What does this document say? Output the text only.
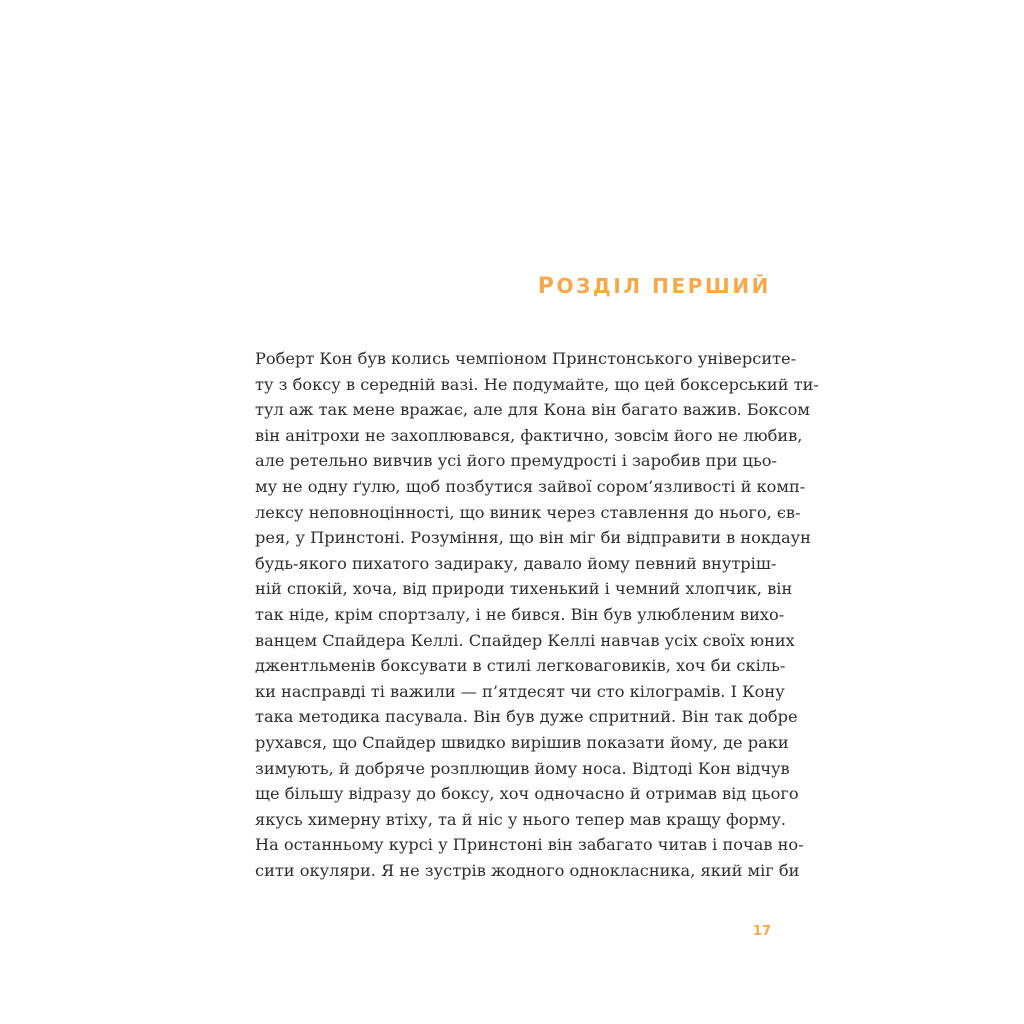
РОЗДІЛ ПЕРШИЙ
Роберт Кон був колись чемпіоном Принстонського університе-
ту з боксу в середній вазі. Не подумайте, що цей боксерський ти-
тул аж так мене вражає, але для Кона він багато важив. Боксом
він анітрохи не захоплювався, фактично, зовсім його не любив,
але ретельно вивчив усі його премудрості і заробив при цьо-
му не одну ґулю, щоб позбутися зайвої сором’язливості й комп-
лексу неповноцінності, що виник через ставлення до нього, єв-
рея, у Принстоні. Розуміння, що він міг би відправити в нокдаун
будь-якого пихатого задираку, давало йому певний внутріш-
ній спокій, хоча, від природи тихенький і чемний хлопчик, він
так ніде, крім спортзалу, і не бився. Він був улюбленим вихо-
ванцем Спайдера Келлі. Спайдер Келлі навчав усіх своїх юних
джентльменів боксувати в стилі легковаговиків, хоч би скіль-
ки насправді ті важили — п’ятдесят чи сто кілограмів. І Кону
така методика пасувала. Він був дуже спритний. Він так добре
рухався, що Спайдер швидко вирішив показати йому, де раки
зимують, й добряче розплющив йому носа. Відтоді Кон відчув
ще більшу відразу до боксу, хоч одночасно й отримав від цього
якусь химерну втіху, та й ніс у нього тепер мав кращу форму.
На останньому курсі у Принстоні він забагато читав і почав но-
сити окуляри. Я не зустрів жодного однокласника, який міг би
17
